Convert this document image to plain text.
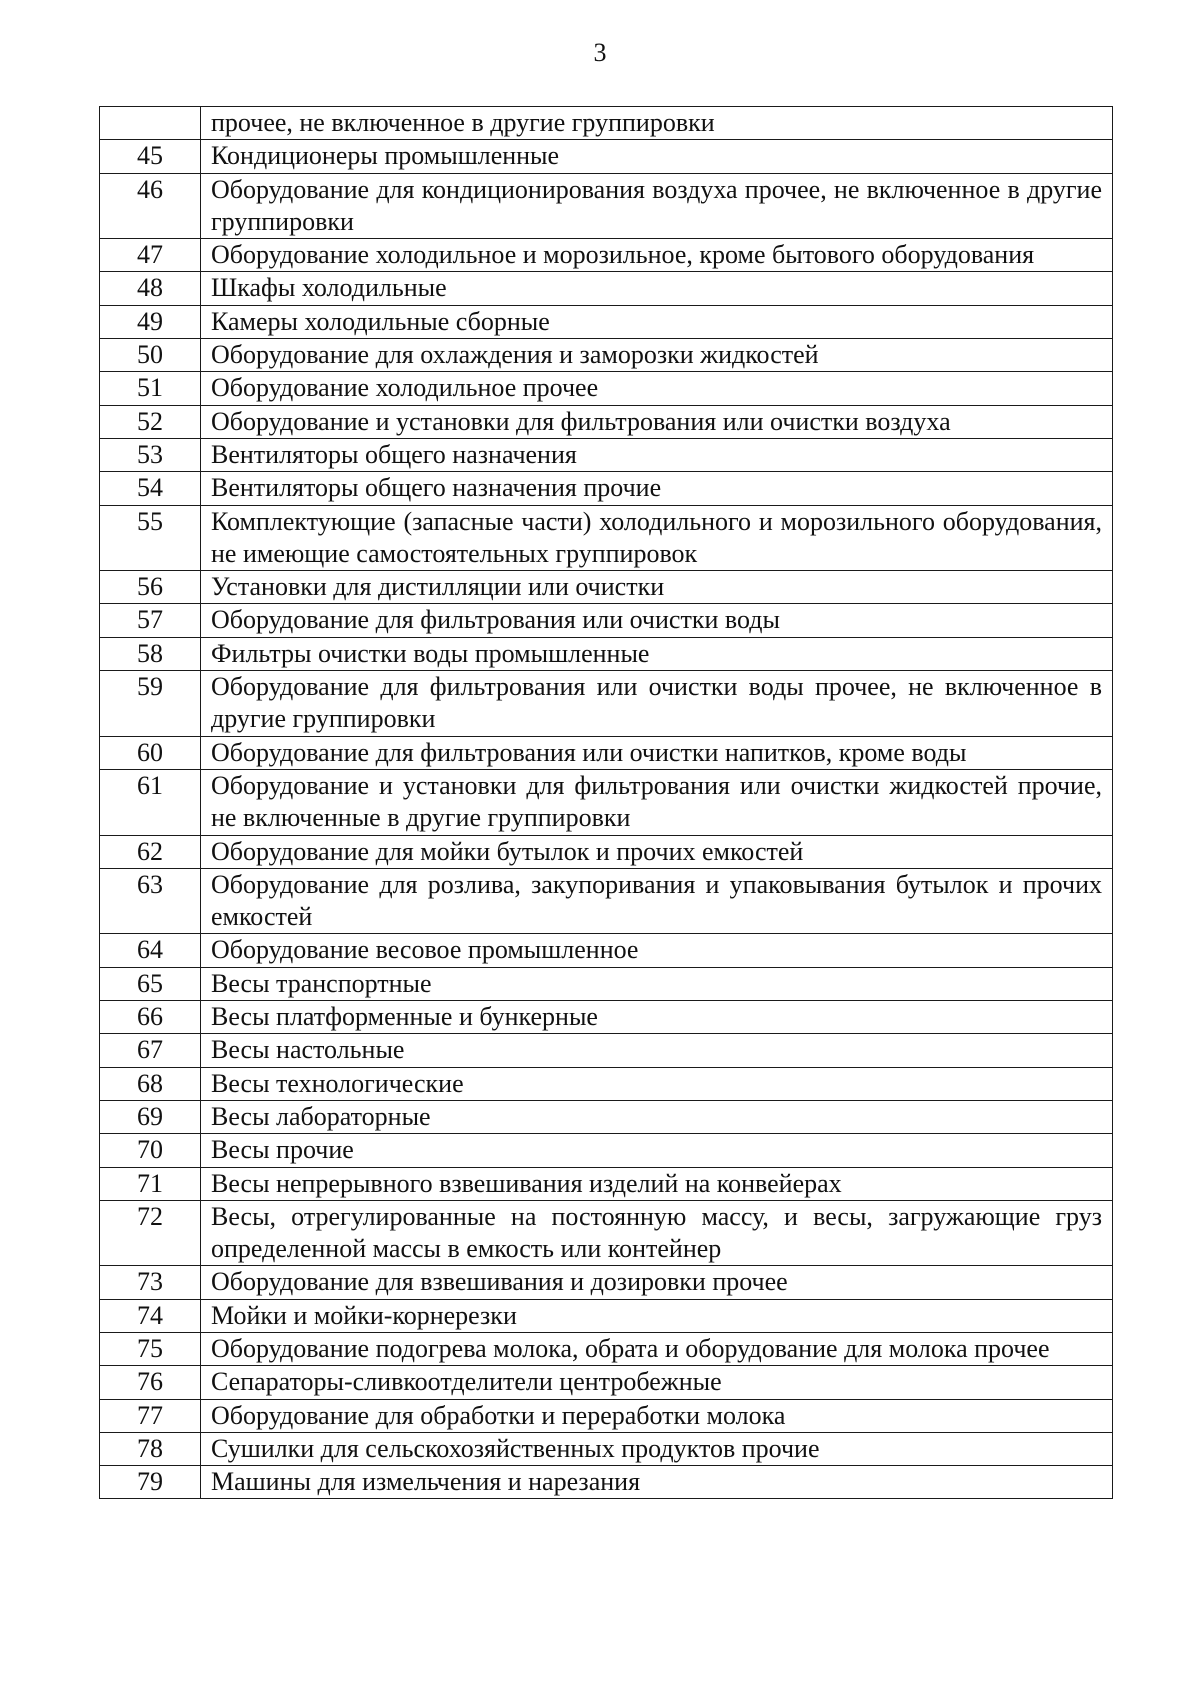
3
	прочее, не включенное в другие группировки
45	Кондиционеры промышленные
46	Оборудование для кондиционирования воздуха прочее, не включенное в другие группировки
47	Оборудование холодильное и морозильное, кроме бытового оборудования
48	Шкафы холодильные
49	Камеры холодильные сборные
50	Оборудование для охлаждения и заморозки жидкостей
51	Оборудование холодильное прочее
52	Оборудование и установки для фильтрования или очистки воздуха
53	Вентиляторы общего назначения
54	Вентиляторы общего назначения прочие
55	Комплектующие (запасные части) холодильного и морозильного оборудования, не имеющие самостоятельных группировок
56	Установки для дистилляции или очистки
57	Оборудование для фильтрования или очистки воды
58	Фильтры очистки воды промышленные
59	Оборудование для фильтрования или очистки воды прочее, не включенное в другие группировки
60	Оборудование для фильтрования или очистки напитков, кроме воды
61	Оборудование и установки для фильтрования или очистки жидкостей прочие, не включенные в другие группировки
62	Оборудование для мойки бутылок и прочих емкостей
63	Оборудование для розлива, закупоривания и упаковывания бутылок и прочих емкостей
64	Оборудование весовое промышленное
65	Весы транспортные
66	Весы платформенные и бункерные
67	Весы настольные
68	Весы технологические
69	Весы лабораторные
70	Весы прочие
71	Весы непрерывного взвешивания изделий на конвейерах
72	Весы, отрегулированные на постоянную массу, и весы, загружающие груз определенной массы в емкость или контейнер
73	Оборудование для взвешивания и дозировки прочее
74	Мойки и мойки-корнерезки
75	Оборудование подогрева молока, обрата и оборудование для молока прочее
76	Сепараторы-сливкоотделители центробежные
77	Оборудование для обработки и переработки молока
78	Сушилки для сельскохозяйственных продуктов прочие
79	Машины для измельчения и нарезания
